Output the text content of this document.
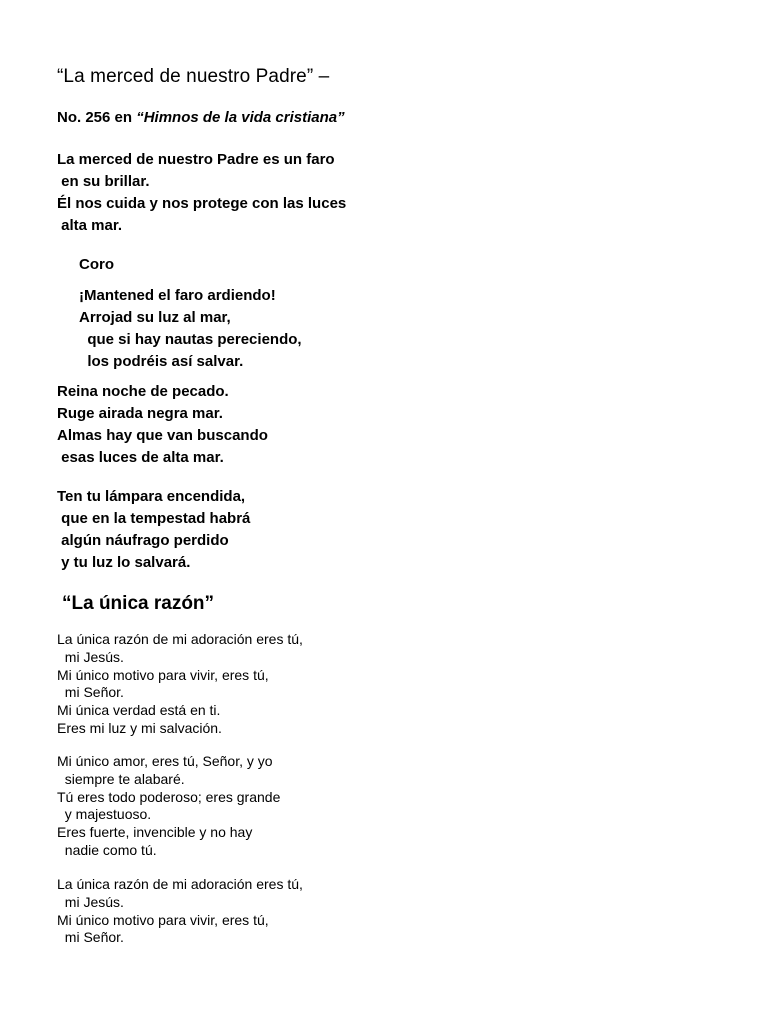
“La merced de nuestro Padre” –
No. 256 en “Himnos de la vida cristiana”
La merced de nuestro Padre es un faro
en su brillar.
Él nos cuida y nos protege con las luces
alta mar.
Coro
¡Mantened el faro ardiendo!
Arrojad su luz al mar,
que si hay nautas pereciendo,
los podréis así salvar.
Reina noche de pecado.
Ruge airada negra mar.
Almas hay que van buscando
esas luces de alta mar.
Ten tu lámpara encendida,
que en la tempestad habrá
algún náufrago perdido
y tu luz lo salvará.
“La única razón”
La única razón de mi adoración eres tú,
mi Jesús.
Mi único motivo para vivir, eres tú,
mi Señor.
Mi única verdad está en ti.
Eres mi luz y mi salvación.
Mi único amor, eres tú, Señor, y yo
siempre te alabaré.
Tú eres todo poderoso; eres grande
y majestuoso.
Eres fuerte, invencible y no hay
nadie como tú.
La única razón de mi adoración eres tú,
mi Jesús.
Mi único motivo para vivir, eres tú,
mi Señor.
